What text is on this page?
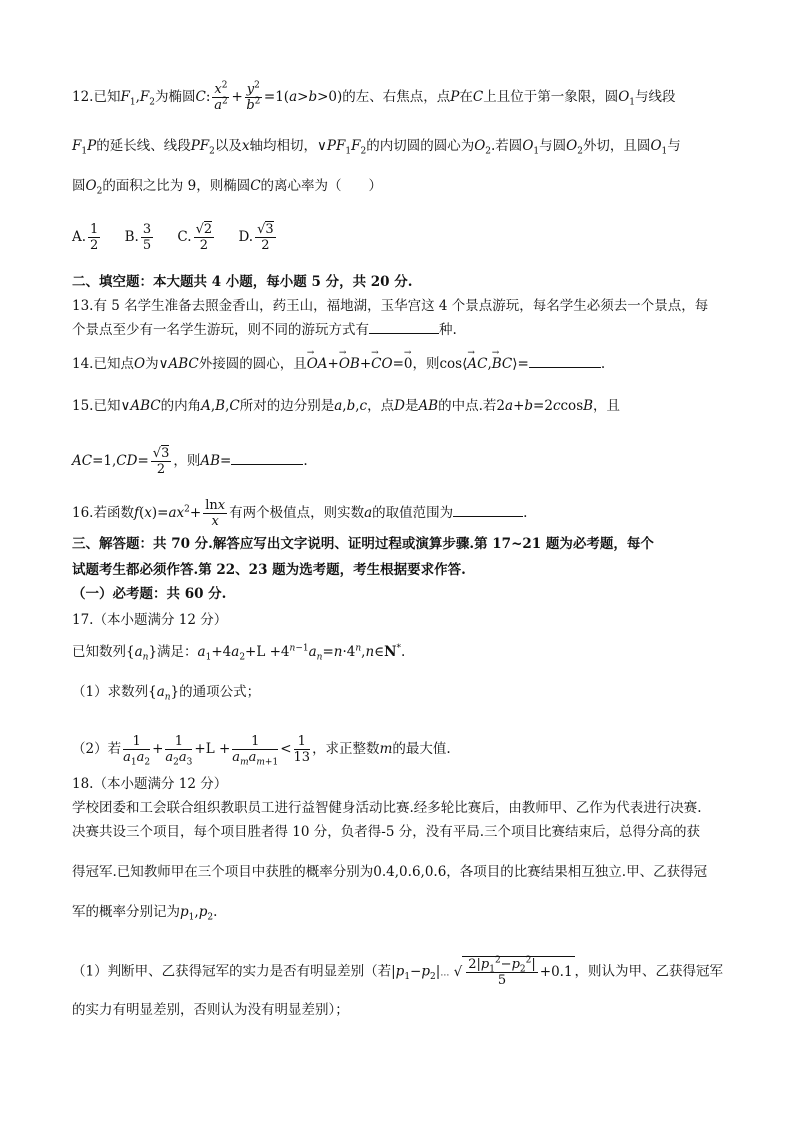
12.已知$F_1,F_2$为椭圆C: $\frac{x^2}{a^2} + \frac{y^2}{b^2} =1(a>b>0)$的左、右焦点，点P在C上且位于第一象限，圆$O_1$与线段
$F_1P$的延长线、线段$PF_2$以及x轴均相切，$\vee PF_1F_2$的内切圆的圆心为$O_2$.若圆$O_1$与圆$O_2$外切，且圆$O_1$与
圆$O_2$的面积之比为 9，则椭圆C的离心率为（　　）
A. $\frac{1}{2} B$. $\frac{3}{5} C$. $\frac{√2}{2} D$. $\frac{√3}{2}$
二、填空题：本大题共 4 小题，每小题 5 分，共 20 分.
13.有 5 名学生准备去照金香山，药王山，福地湖，玉华宫这 4 个景点游玩，每名学生必须去一个景点，每
个景点至少有一名学生游玩，则不同的游玩方式有	种.
14.已知点O为∨ABC外接圆的圆心，且→ OA+→ OB+→ CO=→ 0，则cos⟨→ AC,→ BC⟩=	.
15.已知∨ABC的内角A,B,C所对的边分别是a,b,c，点D是AB的中点.若2a+b=2ccosB，且
$AC=1,CD= \frac{√3}{2}$ ，则AB=	.
16.若函数$f(x)=ax^2+ \frac{\ln x}{x}$ 有两个极值点，则实数a的取值范围为	.
三、解答题：共 70 分.解答应写出文字说明、证明过程或演算步骤.第 17~21 题为必考题，每个
试题考生都必须作答.第 22、23 题为选考题，考生根据要求作答.
（一）必考题：共 60 分.
17.（本小题满分 12 分）
已知数列$\{a_n\}$满足：$a_1+4a_2+L$ $+4^{n-1}a_n=n\cdot 4^n,n\in N^*$.
（1）求数列$\{a_n\}$的通项公式；
（2）若 $\frac{1}{a_1a_2} + \frac{1}{a_2a_3} +L + \frac{1}{a_ma_{m+1}} < \frac{1}{13}$ ，求正整数m的最大值.
18.（本小题满分 12 分）
学校团委和工会联合组织教职员工进行益智健身活动比赛.经多轮比赛后，由教师甲、乙作为代表进行决赛.
决赛共设三个项目，每个项目胜者得 10 分，负者得-5 分，没有平局.三个项目比赛结束后，总得分高的获
得冠军.已知教师甲在三个项目中获胜的概率分别为0.4,0.6,0.6，各项目的比赛结果相互独立.甲、乙获得冠
军的概率分别记为$p_1,p_2$.
（1）判断甲、乙获得冠军的实力是否有明显差别（若$|p_1-p_2|\dots$ √ $\frac{2|p_1^2-p_2^2|}{5} +0.1$ ，则认为甲、乙获得冠军
的实力有明显差别，否则认为没有明显差别）；
